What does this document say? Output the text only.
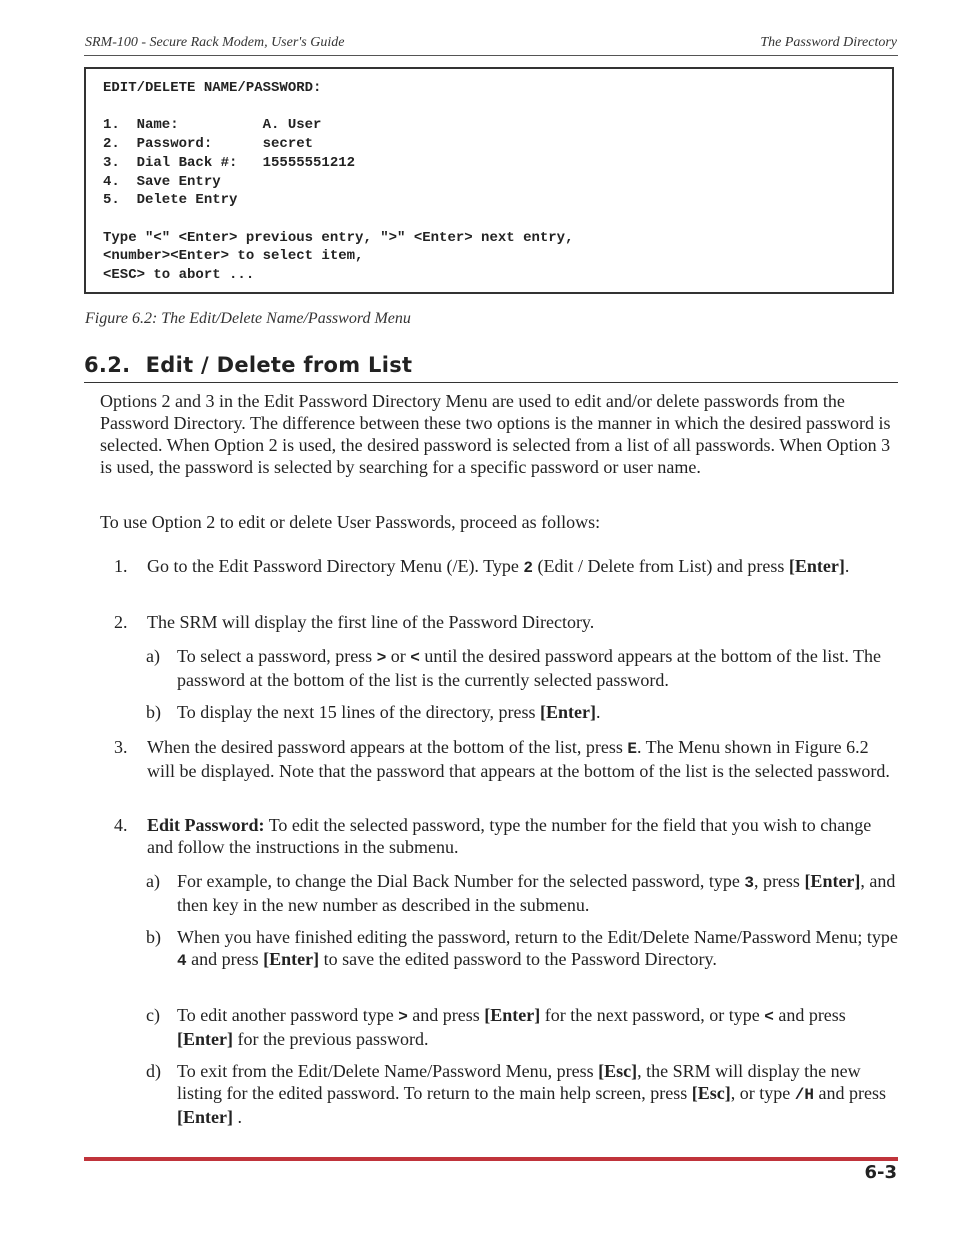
SRM-100 - Secure Rack Modem, User's Guide	The Password Directory
EDIT/DELETE NAME/PASSWORD:

1.  Name:          A. User
2.  Password:      secret
3.  Dial Back #:   15555551212
4.  Save Entry
5.  Delete Entry

Type "<" <Enter> previous entry, ">" <Enter> next entry,
<number><Enter> to select item,
<ESC> to abort ...
Figure 6.2: The Edit/Delete Name/Password Menu
6.2.  Edit / Delete from List

Options 2 and 3 in the Edit Password Directory Menu are used to edit and/or delete passwords from the Password Directory. The difference between these two options is the manner in which the desired password is selected. When Option 2 is used, the desired password is selected from a list of all passwords. When Option 3 is used, the password is selected by searching for a specific password or user name.

To use Option 2 to edit or delete User Passwords, proceed as follows:

1. Go to the Edit Password Directory Menu (/E). Type 2 (Edit / Delete from List) and press [Enter].
2. The SRM will display the first line of the Password Directory.
a) To select a password, press > or < until the desired password appears at the bottom of the list. The password at the bottom of the list is the currently selected password.
b) To display the next 15 lines of the directory, press [Enter].
3. When the desired password appears at the bottom of the list, press E. The Menu shown in Figure 6.2 will be displayed. Note that the password that appears at the bottom of the list is the selected password.
4. Edit Password: To edit the selected password, type the number for the field that you wish to change and follow the instructions in the submenu.
a) For example, to change the Dial Back Number for the selected password, type 3, press [Enter], and then key in the new number as described in the submenu.
b) When you have finished editing the password, return to the Edit/Delete Name/Password Menu; type 4 and press [Enter] to save the edited password to the Password Directory.
c) To edit another password type > and press [Enter] for the next password, or type < and press [Enter] for the previous password.
d) To exit from the Edit/Delete Name/Password Menu, press [Esc], the SRM will display the new listing for the edited password. To return to the main help screen, press [Esc], or type /H and press [Enter] .
6-3
